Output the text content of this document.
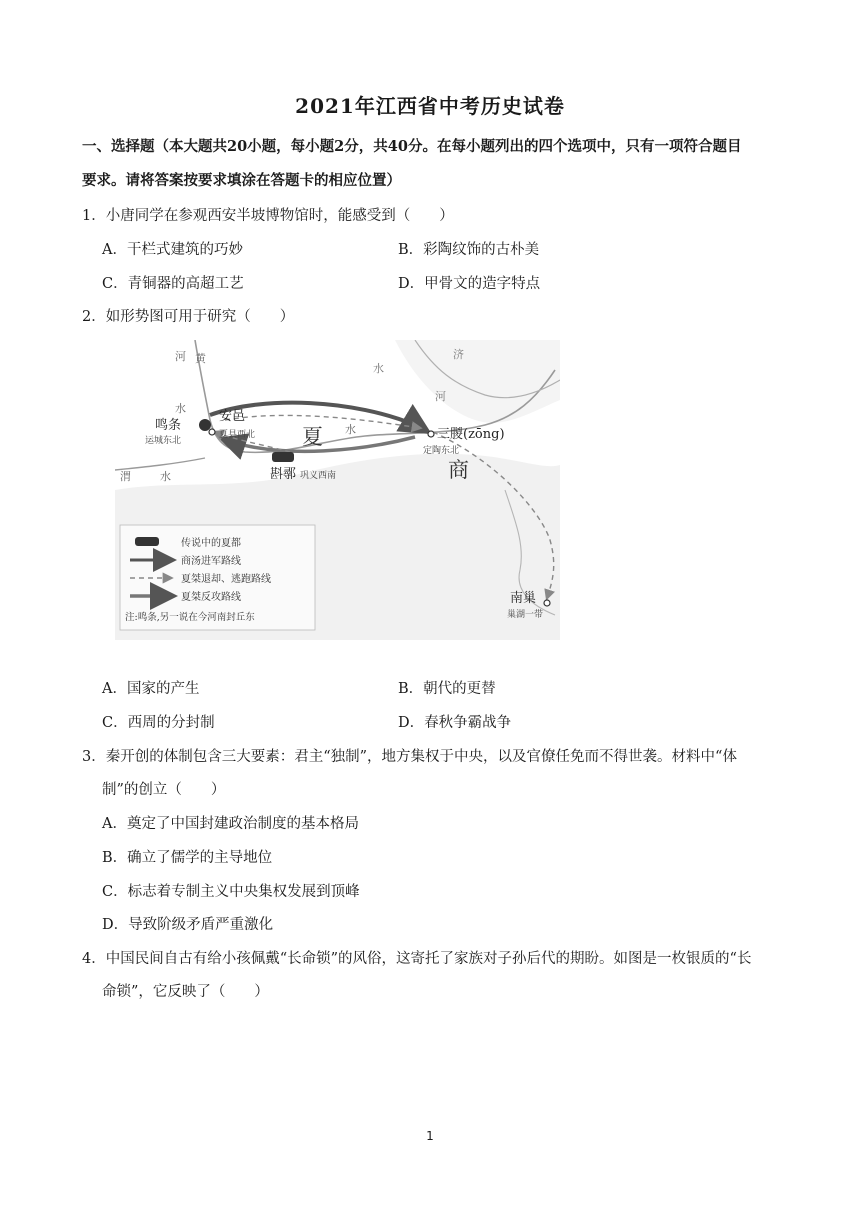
2021年江西省中考历史试卷
一、选择题（本大题共20小题，每小题2分，共40分。在每小题列出的四个选项中，只有一项符合题目
要求。请将答案按要求填涂在答题卡的相应位置）
1．小唐同学在参观西安半坡博物馆时，能感受到（　　）
A．干栏式建筑的巧妙	B．彩陶纹饰的古朴美
C．青铜器的高超工艺	D．甲骨文的造字特点
2．如形势图可用于研究（　　）
河 黄	济
水
河
水
水
渭	水
鸣条
运城东北
安邑
夏县西北 夏
斟鄩 巩义西南
三朡(zōng)
定陶东北
商
南巢
巢湖一带
传说中的夏都
商汤进军路线
夏桀退却、逃跑路线
夏桀反攻路线
注:鸣条,另一说在今河南封丘东
A．国家的产生	B．朝代的更替
C．西周的分封制	D．春秋争霸战争
3．秦开创的体制包含三大要素：君主“独制”，地方集权于中央，以及官僚任免而不得世袭。材料中“体
制”的创立（　　）
A．奠定了中国封建政治制度的基本格局
B．确立了儒学的主导地位
C．标志着专制主义中央集权发展到顶峰
D．导致阶级矛盾严重激化
4．中国民间自古有给小孩佩戴“长命锁”的风俗，这寄托了家族对子孙后代的期盼。如图是一枚银质的“长
命锁”，它反映了（　　）
1
